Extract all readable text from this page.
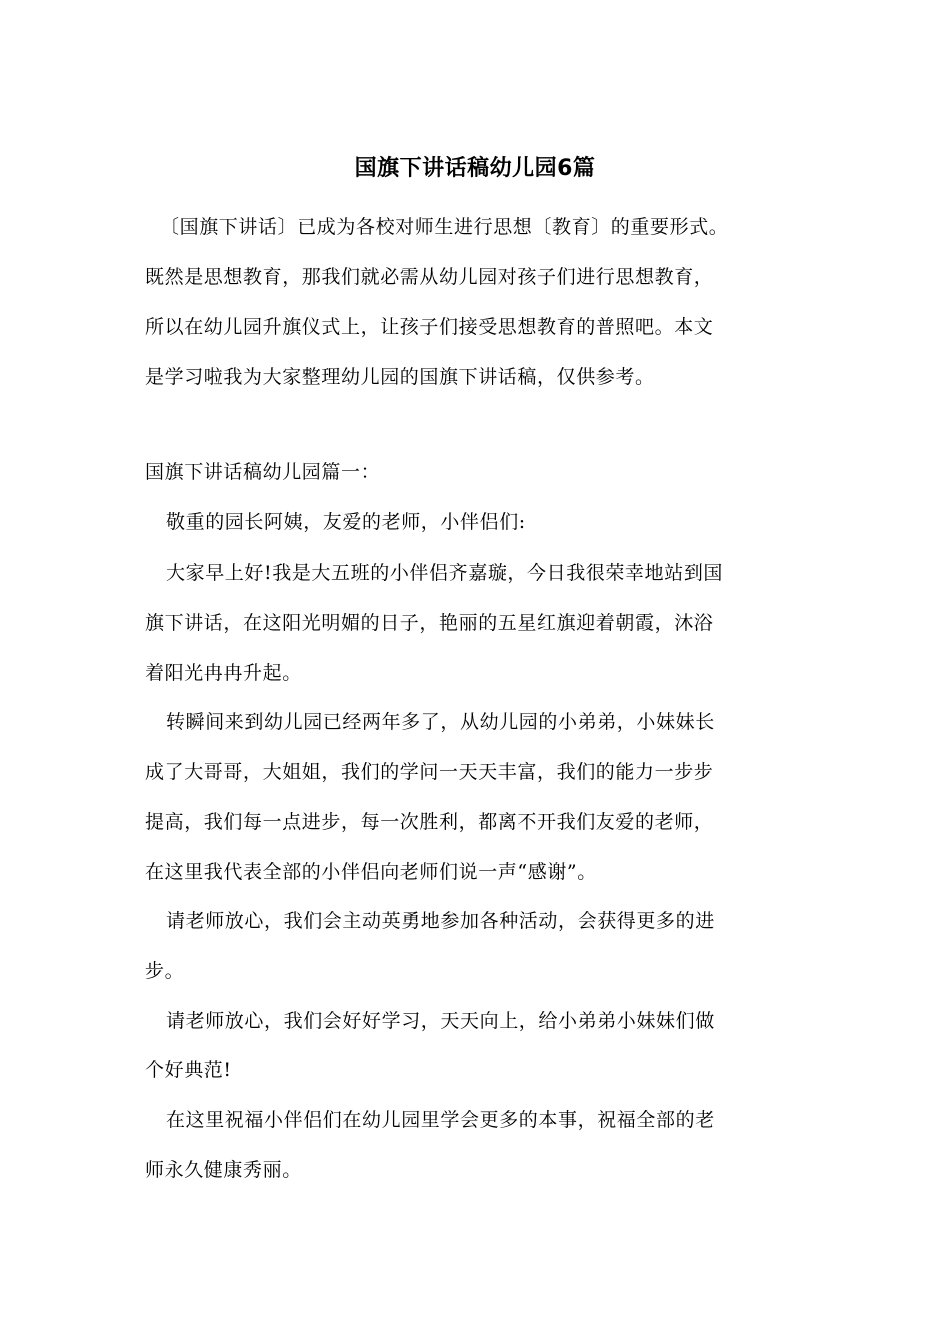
国旗下讲话稿幼儿园6篇
〔国旗下讲话〕已成为各校对师生进行思想〔教育〕的重要形式。
既然是思想教育，那我们就必需从幼儿园对孩子们进行思想教育，
所以在幼儿园升旗仪式上，让孩子们接受思想教育的普照吧。本文
是学习啦我为大家整理幼儿园的国旗下讲话稿，仅供参考。
国旗下讲话稿幼儿园篇一：
敬重的园长阿姨，友爱的老师，小伴侣们:
大家早上好!我是大五班的小伴侣齐嘉璇，今日我很荣幸地站到国
旗下讲话，在这阳光明媚的日子，艳丽的五星红旗迎着朝霞，沐浴
着阳光冉冉升起。
转瞬间来到幼儿园已经两年多了，从幼儿园的小弟弟，小妹妹长
成了大哥哥，大姐姐，我们的学问一天天丰富，我们的能力一步步
提高，我们每一点进步，每一次胜利，都离不开我们友爱的老师，
在这里我代表全部的小伴侣向老师们说一声“感谢”。
请老师放心，我们会主动英勇地参加各种活动，会获得更多的进
步。
请老师放心，我们会好好学习，天天向上，给小弟弟小妹妹们做
个好典范!
在这里祝福小伴侣们在幼儿园里学会更多的本事，祝福全部的老
师永久健康秀丽。
